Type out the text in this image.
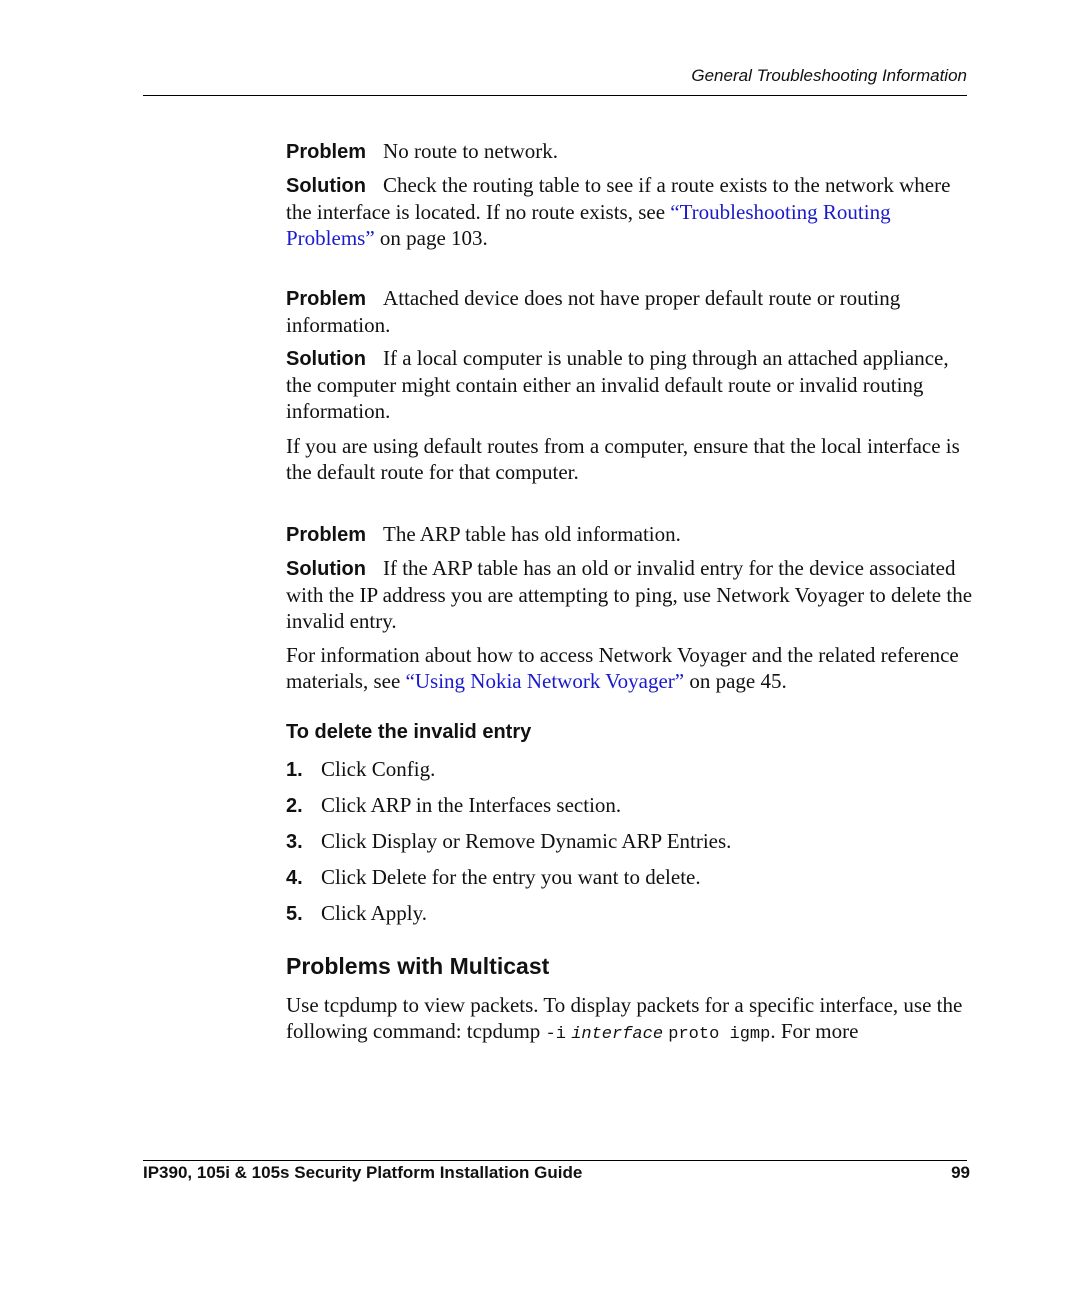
General Troubleshooting Information

Problem No route to network.

Solution Check the routing table to see if a route exists to the network where the interface is located. If no route exists, see “Troubleshooting Routing Problems” on page 103.

Problem Attached device does not have proper default route or routing information.

Solution If a local computer is unable to ping through an attached appliance, the computer might contain either an invalid default route or invalid routing information.

If you are using default routes from a computer, ensure that the local interface is the default route for that computer.

Problem The ARP table has old information.

Solution If the ARP table has an old or invalid entry for the device associated with the IP address you are attempting to ping, use Network Voyager to delete the invalid entry.

For information about how to access Network Voyager and the related reference materials, see “Using Nokia Network Voyager” on page 45.

To delete the invalid entry
1. Click Config.
2. Click ARP in the Interfaces section.
3. Click Display or Remove Dynamic ARP Entries.
4. Click Delete for the entry you want to delete.
5. Click Apply.
Problems with Multicast

Use tcpdump to view packets. To display packets for a specific interface, use the following command: tcpdump -i interface proto igmp. For more

IP390, 105i & 105s Security Platform Installation Guide	99
